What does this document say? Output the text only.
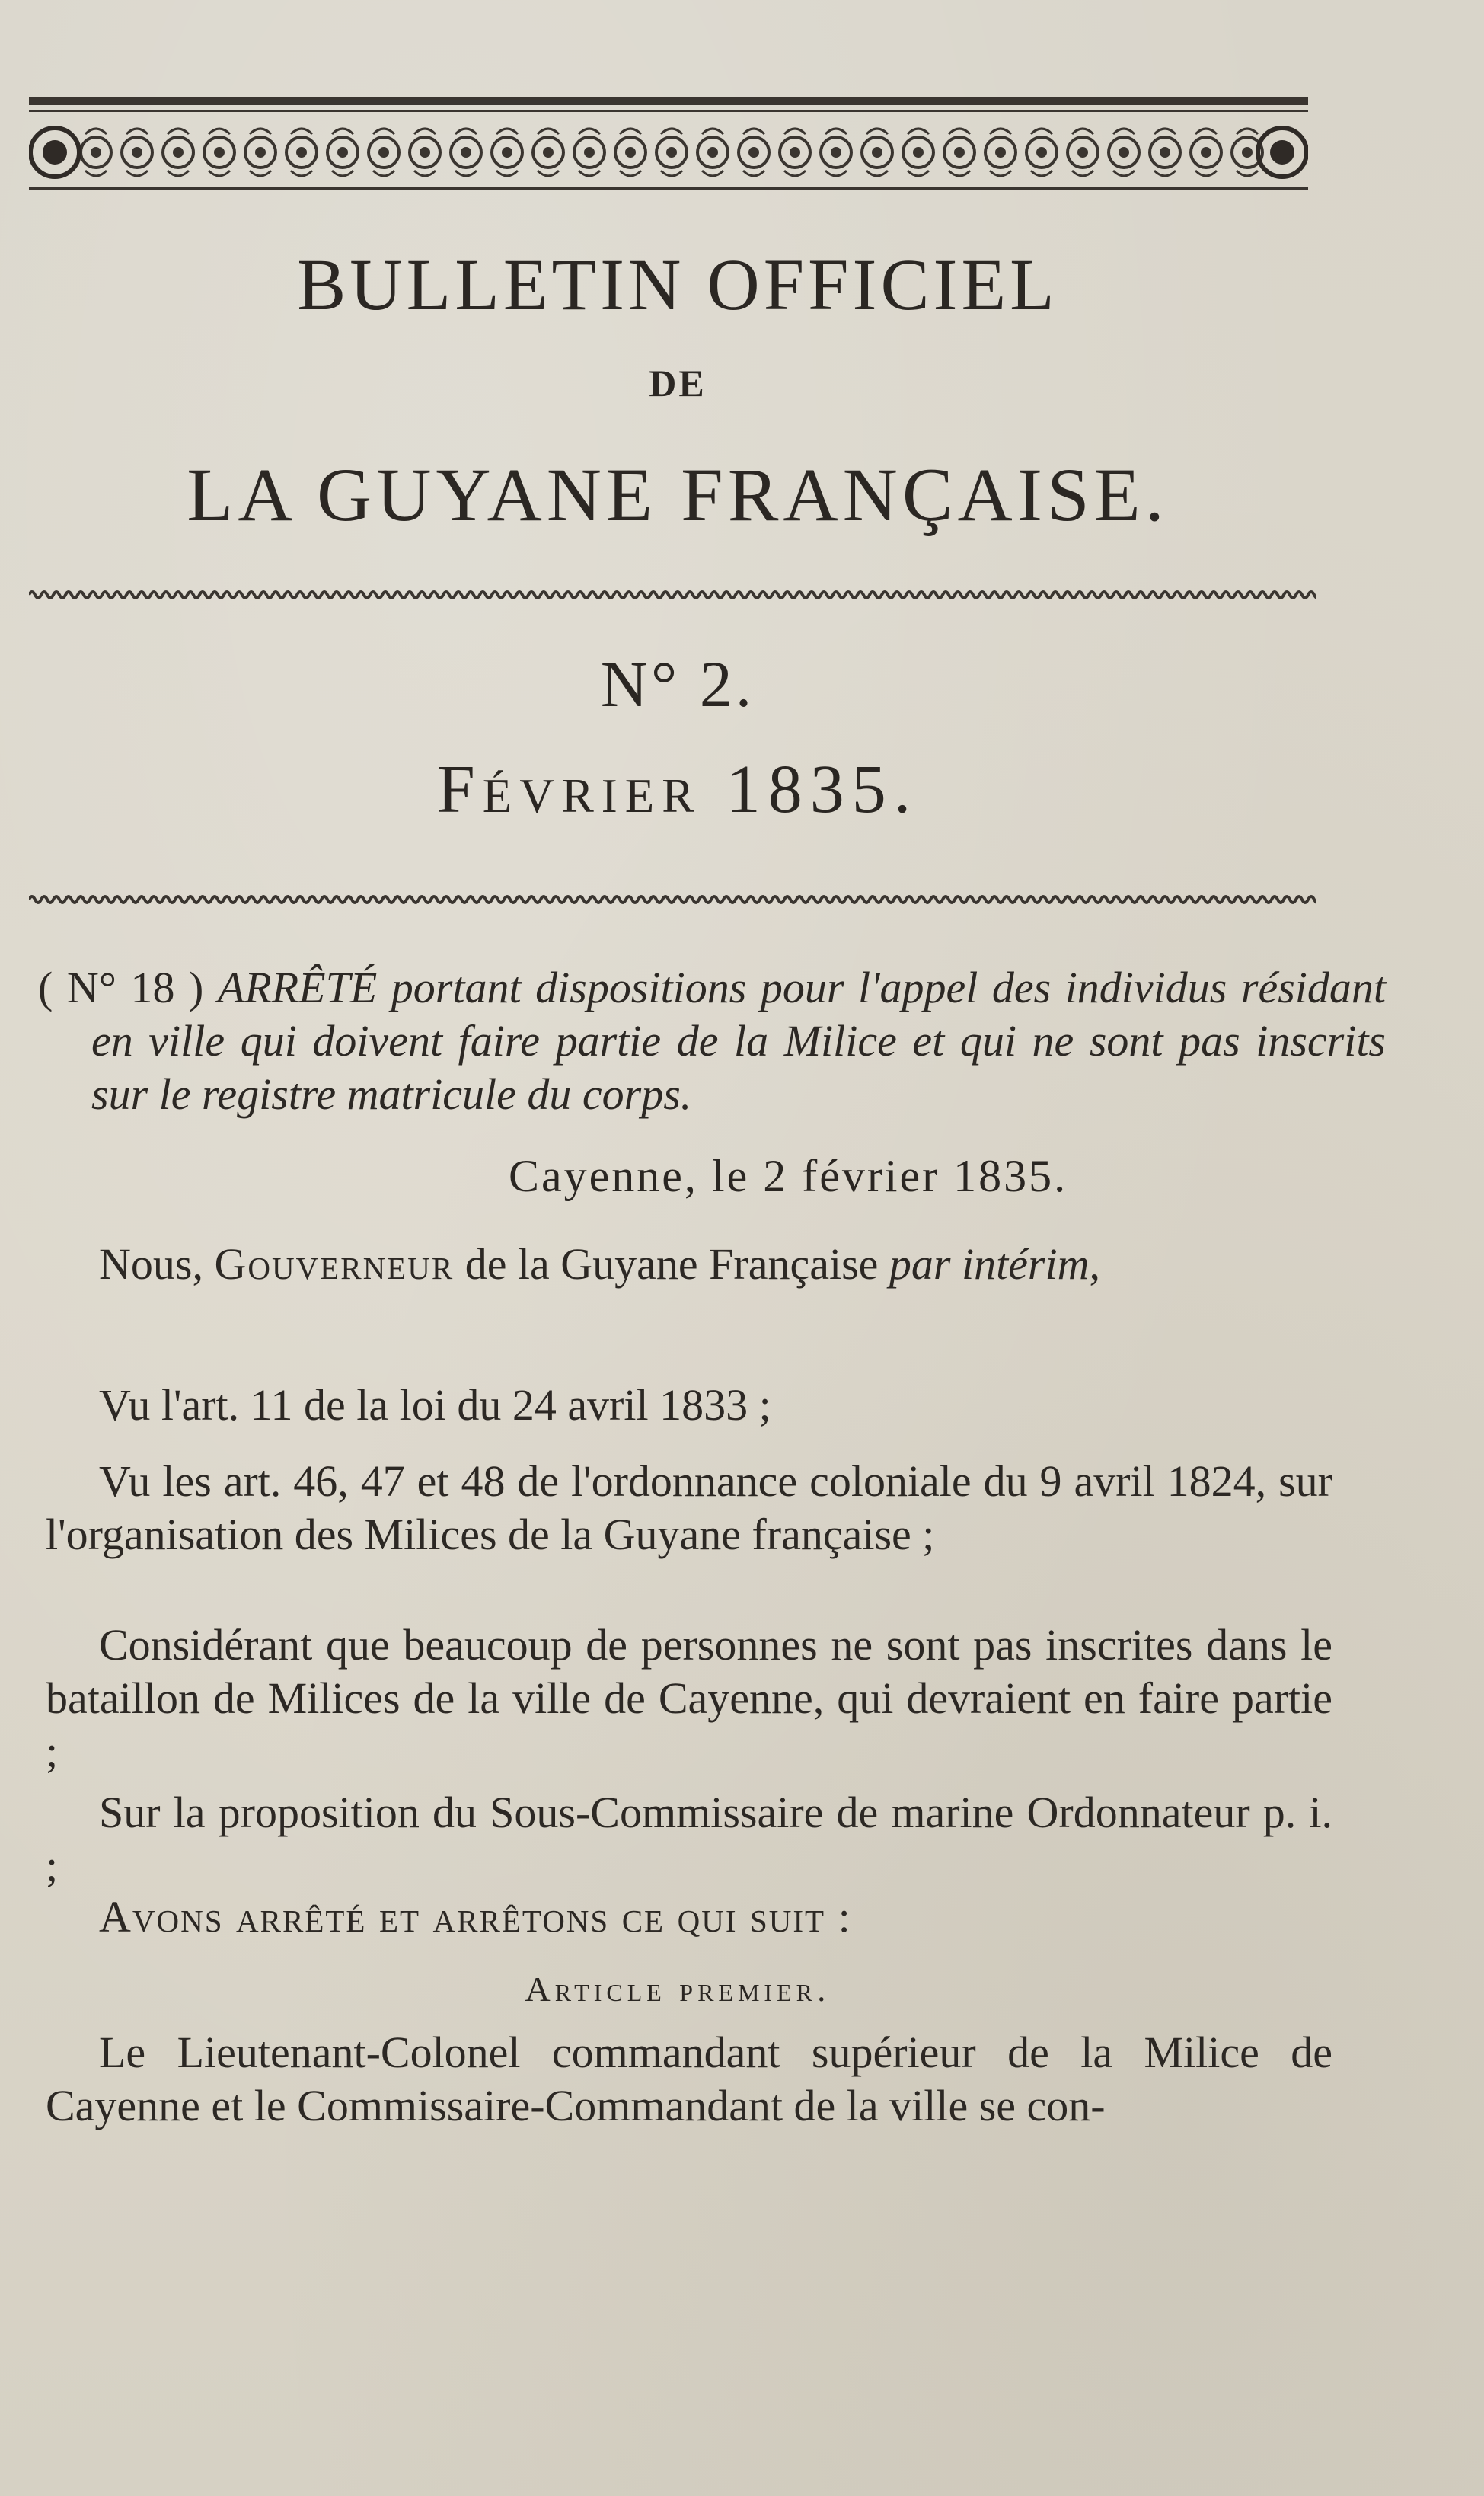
BULLETIN OFFICIEL
DE
LA GUYANE FRANÇAISE.
N° 2.
Février 1835.
( N° 18 ) ARRÊTÉ portant dispositions pour l'appel des individus résidant en ville qui doivent faire partie de la Milice et qui ne sont pas inscrits sur le registre matricule du corps.
Cayenne, le 2 février 1835.

Nous, Gouverneur de la Guyane Française par intérim,

Vu l'art. 11 de la loi du 24 avril 1833 ;

Vu les art. 46, 47 et 48 de l'ordonnance coloniale du 9 avril 1824, sur l'organisation des Milices de la Guyane française ;

Considérant que beaucoup de personnes ne sont pas inscrites dans le bataillon de Milices de la ville de Cayenne, qui devraient en faire partie ;

Sur la proposition du Sous-Commissaire de marine Ordonnateur p. i. ;

Avons arrêté et arrêtons ce qui suit :

Article premier.

Le Lieutenant-Colonel commandant supérieur de la Milice de Cayenne et le Commissaire-Commandant de la ville se con-
